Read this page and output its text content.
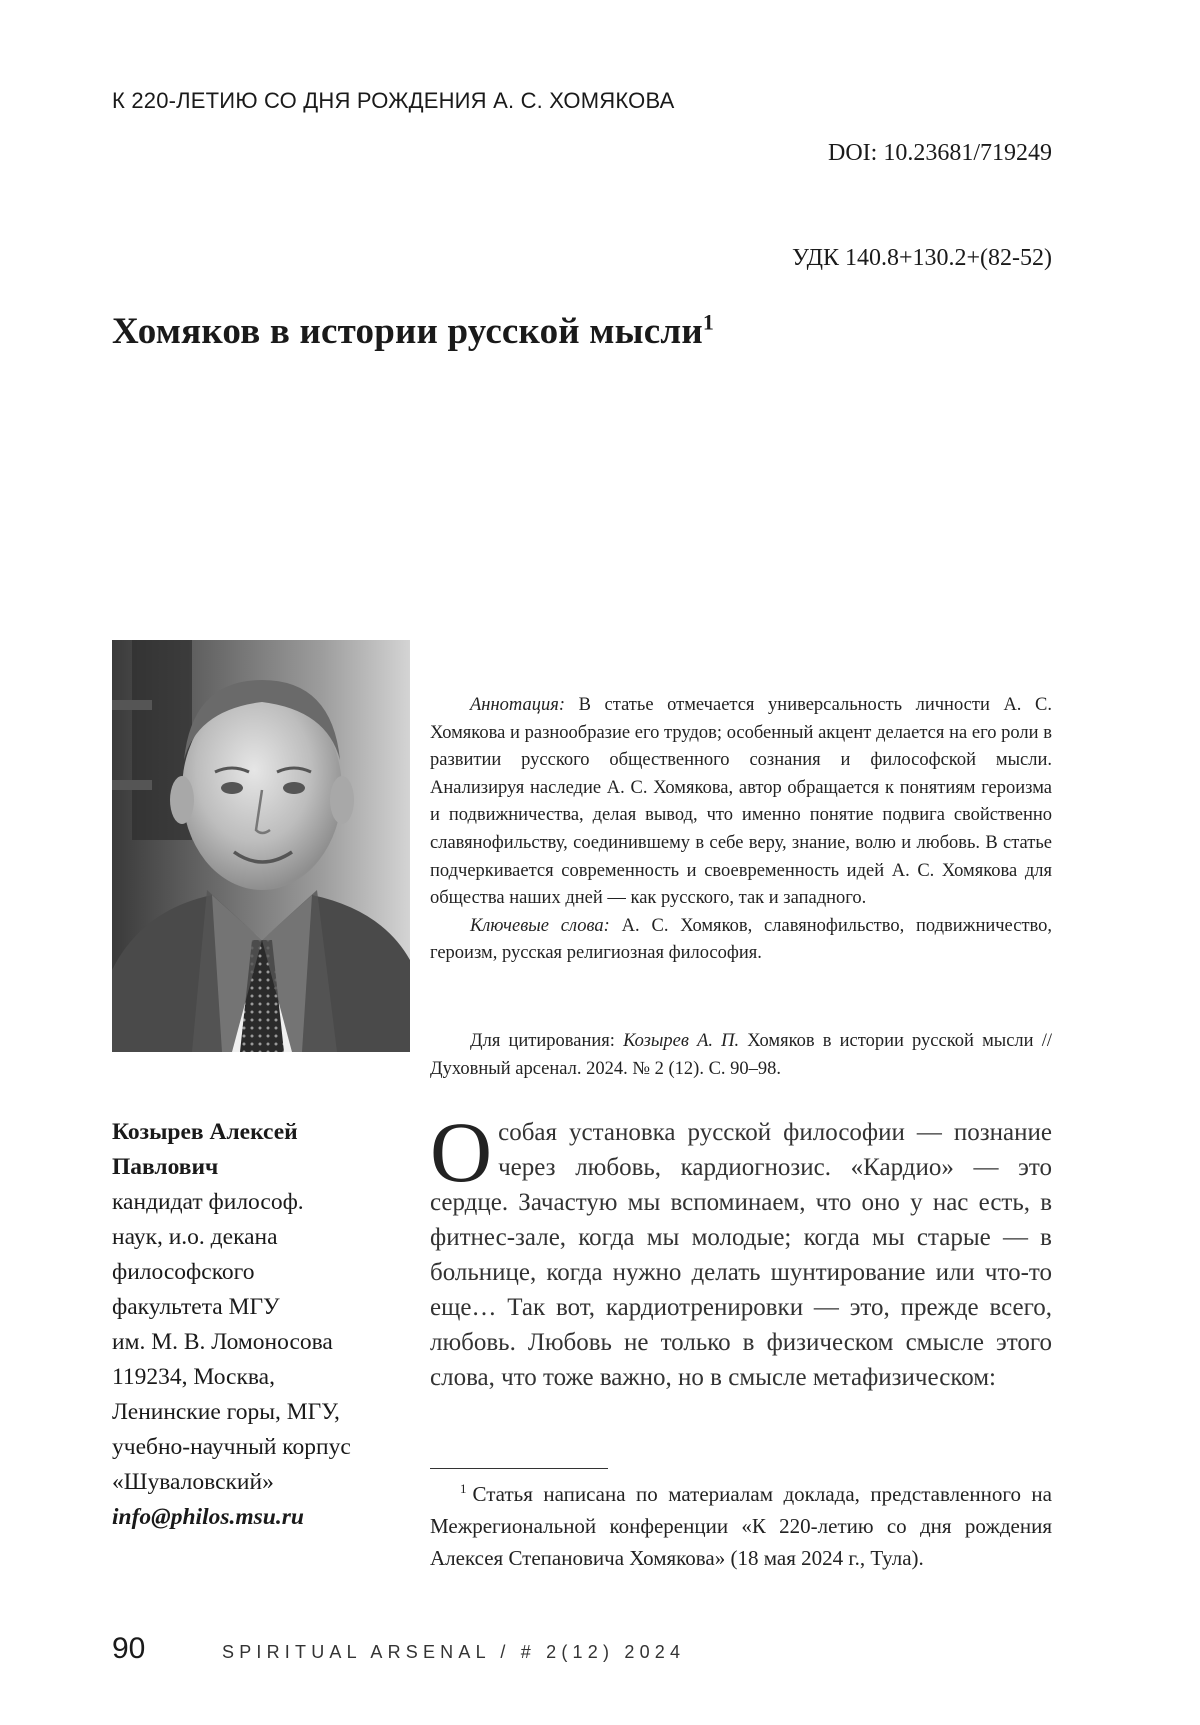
К 220-ЛЕТИЮ СО ДНЯ РОЖДЕНИЯ А. С. ХОМЯКОВА
DOI: 10.23681/719249
УДК 140.8+130.2+(82-52)
Хомяков в истории русской мысли$^1$

Аннотация: В статье отмечается универсальность личности А. С. Хомякова и разнообразие его трудов; особенный акцент делается на его роли в развитии русского общественного сознания и философской мысли. Анализируя наследие А. С. Хомякова, автор обращается к понятиям героизма и подвижничества, делая вывод, что именно понятие подвига свойственно славянофильству, соединившему в себе веру, знание, волю и любовь. В статье подчеркивается современность и своевременность идей А. С. Хомякова для общества наших дней — как русского, так и западного.

Ключевые слова: А. С. Хомяков, славянофильство, подвижничество, героизм, русская религиозная философия.

Для цитирования: Козырев А. П. Хомяков в истории русской мысли // Духовный арсенал. 2024. № 2 (12). С. 90–98.

Козырев Алексей
Павлович
кандидат философ.
наук, и.о. декана
философского
факультета МГУ
им. М. В. Ломоносова
119234, Москва,
Ленинские горы, МГУ,
учебно-научный корпус
«Шуваловский»
info@philos.msu.ru
Особая установка русской философии — познание через любовь, кардиогнозис. «Кардио» — это сердце. Зачастую мы вспоминаем, что оно у нас есть, в фитнес-зале, когда мы молодые; когда мы старые — в больнице, когда нужно делать шунтирование или что-то еще… Так вот, кардиотренировки — это, прежде всего, любовь. Любовь не только в физическом смысле этого слова, что тоже важно, но в смысле метафизическом:

$^1$ Статья написана по материалам доклада, представленного на Межрегиональной конференции «К 220-летию со дня рождения Алексея Степановича Хомякова» (18 мая 2024 г., Тула).

90	SPIRITUAL ARSENAL / # 2(12) 2024
